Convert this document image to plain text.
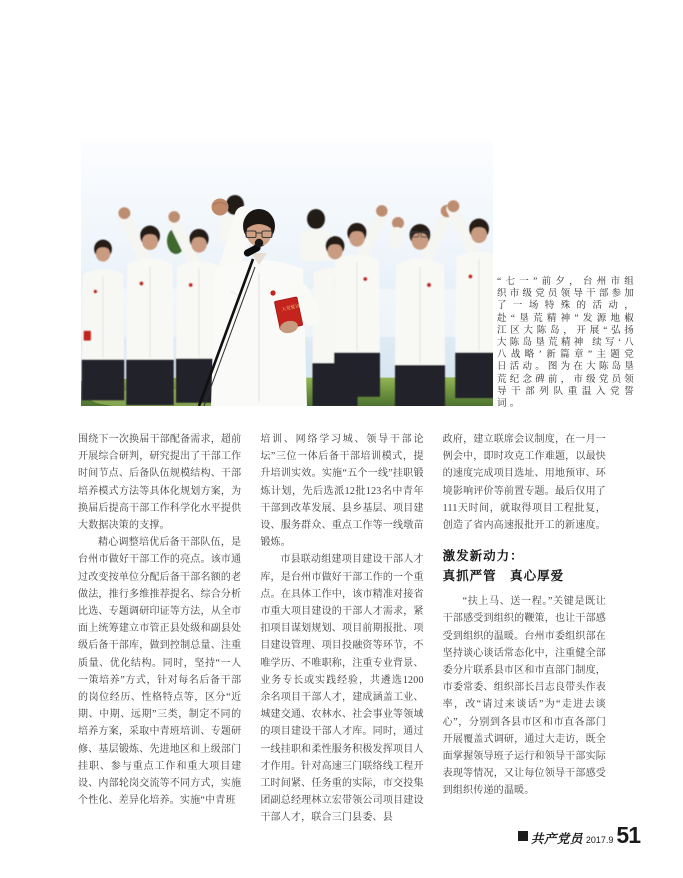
入党誓词
“七一”前夕，台州市组织市级党员领导干部参加了一场特殊的活动，赴“垦荒精神”发源地椒江区大陈岛，开展“弘扬大陈岛垦荒精神 续写‘八八战略’新篇章”主题党日活动。图为在大陈岛垦荒纪念碑前，市级党员领导干部列队重温入党誓词。

围绕下一次换届干部配备需求，超前开展综合研判，研究提出了干部工作时间节点、后备队伍规模结构、干部培养模式方法等具体化规划方案，为换届后提高干部工作科学化水平提供大数据决策的支撑。

精心调整培优后备干部队伍，是台州市做好干部工作的亮点。该市通过改变按单位分配后备干部名额的老做法，推行多维推荐提名、综合分析比选、专题调研印证等方法，从全市面上统筹建立市管正县处级和副县处级后备干部库，做到控制总量、注重质量、优化结构。同时，坚持“一人一策培养”方式，针对每名后备干部的岗位经历、性格特点等，区分“近期、中期、远期”三类，制定不同的培养方案，采取中青班培训、专题研修、基层锻炼、先进地区和上级部门挂职、参与重点工作和重大项目建设、内部轮岗交流等不同方式，实施个性化、差异化培养。实施“中青班

培训、网络学习城、领导干部论坛”三位一体后备干部培训模式，提升培训实效。实施“五个一线”挂职锻炼计划，先后选派12批123名中青年干部到改革发展、县乡基层、项目建设、服务群众、重点工作等一线墩苗锻炼。

市县联动组建项目建设干部人才库，是台州市做好干部工作的一个重点。在具体工作中，该市精准对接省市重大项目建设的干部人才需求，紧扣项目谋划规划、项目前期报批、项目建设管理、项目投融资等环节，不唯学历、不唯职称，注重专业背景、业务专长或实践经验，共遴选1200余名项目干部人才，建成涵盖工业、城建交通、农林水、社会事业等领域的项目建设干部人才库。同时，通过一线挂职和柔性服务积极发挥项目人才作用。针对高速三门联络线工程开工时间紧、任务重的实际，市交投集团副总经理林立宏带领公司项目建设干部人才，联合三门县委、县

政府，建立联席会议制度，在一月一例会中，即时攻克工作难题，以最快的速度完成项目选址、用地预审、环境影响评价等前置专题。最后仅用了111天时间，就取得项目工程批复，创造了省内高速报批开工的新速度。

激发新动力：
真抓严管　真心厚爱

“扶上马、送一程。”关键是既让干部感受到组织的鞭策，也让干部感受到组织的温暖。台州市委组织部在坚持谈心谈话常态化中，注重健全部委分片联系县市区和市直部门制度，市委常委、组织部长吕志良带头作表率，改“请过来谈话”为“走进去谈心”，分别到各县市区和市直各部门开展覆盖式调研，通过大走访，既全面掌握领导班子运行和领导干部实际表现等情况，又让每位领导干部感受到组织传递的温暖。

共产党员 2017.9 51
